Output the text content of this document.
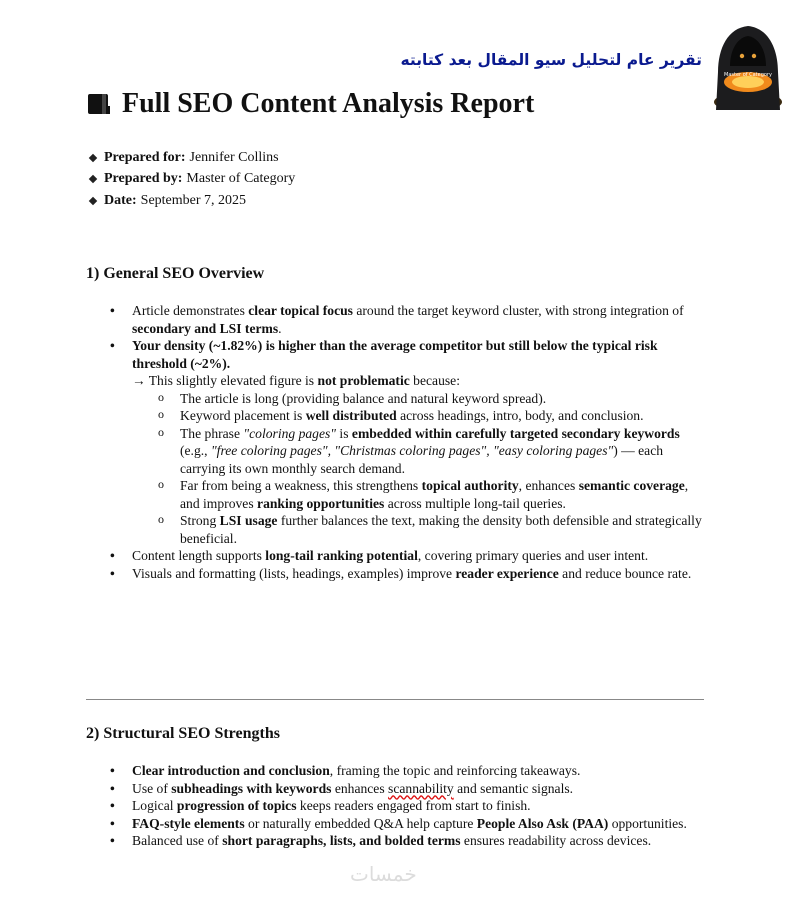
تقرير عام لتحليل سيو المقال بعد كتابته
Master of Category
Full SEO Content Analysis Report
Prepared for: Jennifer Collins
Prepared by: Master of Category
Date: September 7, 2025
1) General SEO Overview
• Article demonstrates clear topical focus around the target keyword cluster, with strong integration of secondary and LSI terms.
• Your density (~1.82%) is higher than the average competitor but still below the typical risk threshold (~2%).
→ This slightly elevated figure is not problematic because:
o The article is long (providing balance and natural keyword spread).
o Keyword placement is well distributed across headings, intro, body, and conclusion.
o The phrase "coloring pages" is embedded within carefully targeted secondary keywords (e.g., "free coloring pages", "Christmas coloring pages", "easy coloring pages") — each carrying its own monthly search demand.
o Far from being a weakness, this strengthens topical authority, enhances semantic coverage, and improves ranking opportunities across multiple long-tail queries.
o Strong LSI usage further balances the text, making the density both defensible and strategically beneficial.
• Content length supports long-tail ranking potential, covering primary queries and user intent.
• Visuals and formatting (lists, headings, examples) improve reader experience and reduce bounce rate.
2) Structural SEO Strengths
• Clear introduction and conclusion, framing the topic and reinforcing takeaways.
• Use of subheadings with keywords enhances scannability and semantic signals.
• Logical progression of topics keeps readers engaged from start to finish.
• FAQ-style elements or naturally embedded Q&A help capture People Also Ask (PAA) opportunities.
• Balanced use of short paragraphs, lists, and bolded terms ensures readability across devices.
خمسات
